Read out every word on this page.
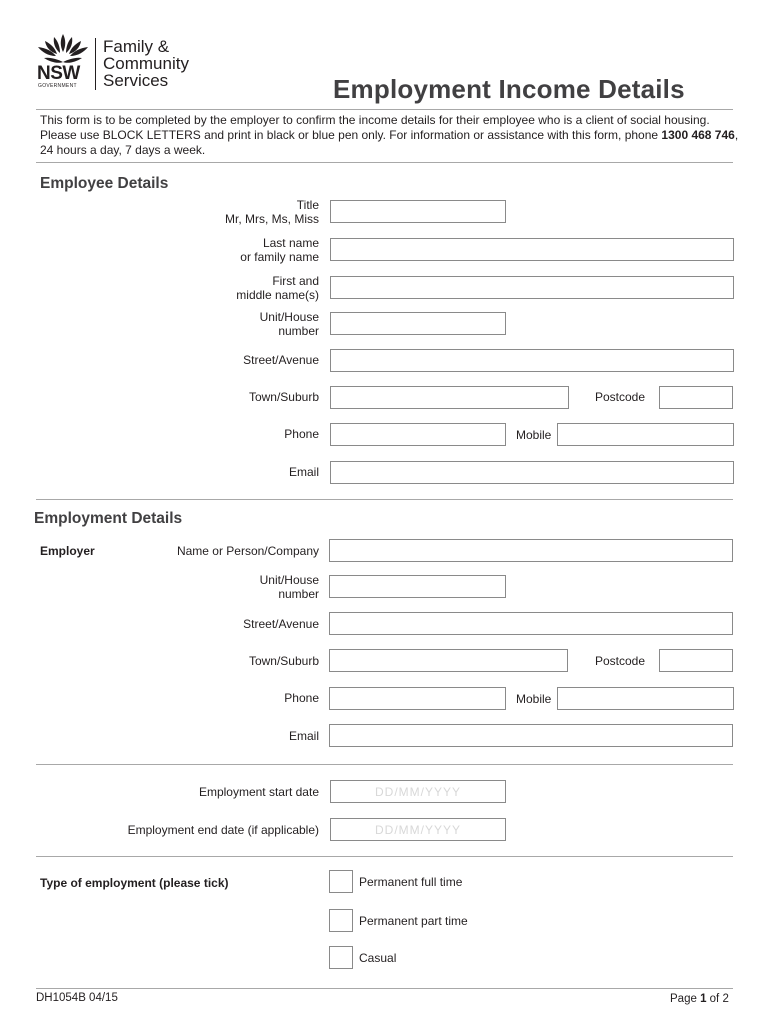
NSW
GOVERNMENT
Family &
Community
Services	Employment Income Details
This form is to be completed by the employer to confirm the income details for their employee who is a client of social housing. Please use BLOCK LETTERS and print in black or blue pen only. For information or assistance with this form, phone 1300 468 746, 24 hours a day, 7 days a week.
Employee Details
Title
Mr, Mrs, Ms, Miss
Last name
or family name
First and
middle name(s)
Unit/House
number
Street/Avenue
Town/Suburb	Postcode
Phone	Mobile
Email
Employment Details
Employer	Name or Person/Company
Unit/House
number
Street/Avenue
Town/Suburb	Postcode
Phone	Mobile
Email
Employment start date
DD/MM/YYYY
Employment end date (if applicable)
DD/MM/YYYY
Type of employment (please tick)	Permanent full time
Permanent part time
Casual
DH1054B 04/15	Page 1 of 2
